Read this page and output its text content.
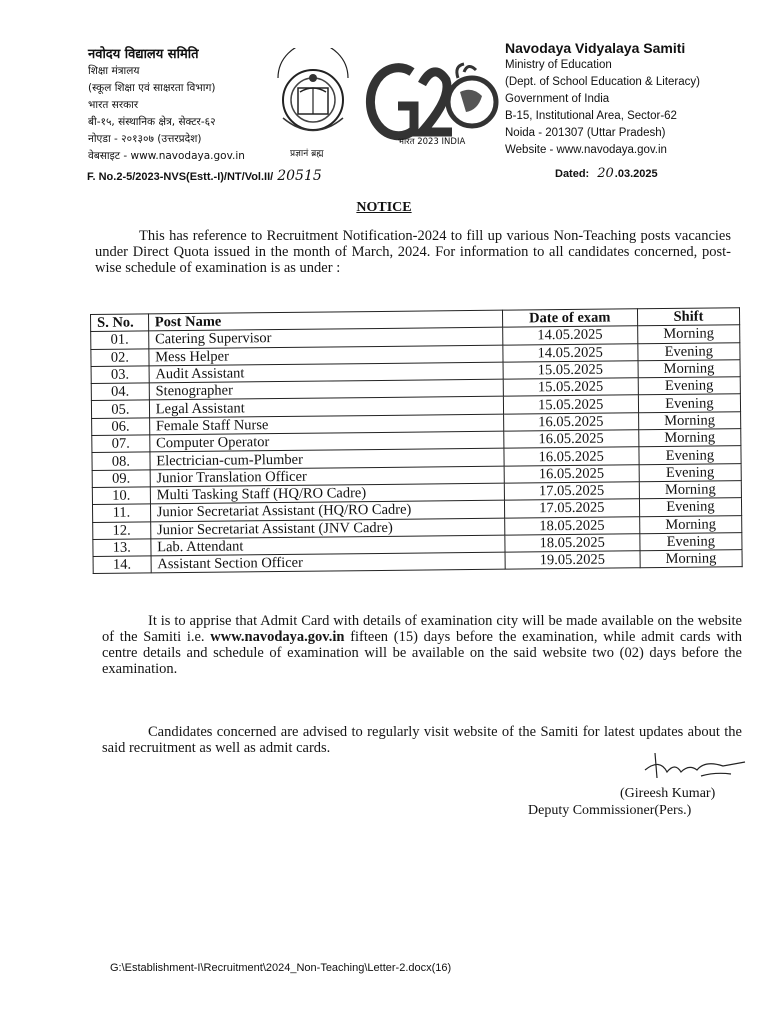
नवोदय विद्यालय समिति
शिक्षा मंत्रालय
(स्कूल शिक्षा एवं साक्षरता विभाग)
भारत सरकार
बी-१५, संस्थानिक क्षेत्र, सेक्टर-६२
नोएडा - २०१३०७ (उत्तरप्रदेश)
वेबसाइट - www.navodaya.gov.in	प्रज्ञानं ब्रह्म
भारत 2023 INDIA
Navodaya Vidyalaya Samiti
Ministry of Education
(Dept. of School Education & Literacy)
Government of India
B-15, Institutional Area, Sector-62
Noida - 201307 (Uttar Pradesh)
Website - www.navodaya.gov.in
F. No.2-5/2023-NVS(Estt.-I)/NT/Vol.II/ 20515	Dated: 20.03.2025
NOTICE
This has reference to Recruitment Notification-2024 to fill up various Non-Teaching posts vacancies under Direct Quota issued in the month of March, 2024. For information to all candidates concerned, post-wise schedule of examination is as under :
S. No.	Post Name	Date of exam	Shift
01.	Catering Supervisor	14.05.2025	Morning
02.	Mess Helper	14.05.2025	Evening
03.	Audit Assistant	15.05.2025	Morning
04.	Stenographer	15.05.2025	Evening
05.	Legal Assistant	15.05.2025	Evening
06.	Female Staff Nurse	16.05.2025	Morning
07.	Computer Operator	16.05.2025	Morning
08.	Electrician-cum-Plumber	16.05.2025	Evening
09.	Junior Translation Officer	16.05.2025	Evening
10.	Multi Tasking Staff (HQ/RO Cadre)	17.05.2025	Morning
11.	Junior Secretariat Assistant (HQ/RO Cadre)	17.05.2025	Evening
12.	Junior Secretariat Assistant (JNV Cadre)	18.05.2025	Morning
13.	Lab. Attendant	18.05.2025	Evening
14.	Assistant Section Officer	19.05.2025	Morning
It is to apprise that Admit Card with details of examination city will be made available on the website of the Samiti i.e. www.navodaya.gov.in fifteen (15) days before the examination, while admit cards with centre details and schedule of examination will be available on the said website two (02) days before the examination.
Candidates concerned are advised to regularly visit website of the Samiti for latest updates about the said recruitment as well as admit cards.
(Gireesh Kumar)
Deputy Commissioner(Pers.)
G:\Establishment-I\Recruitment\2024_Non-Teaching\Letter-2.docx(16)
